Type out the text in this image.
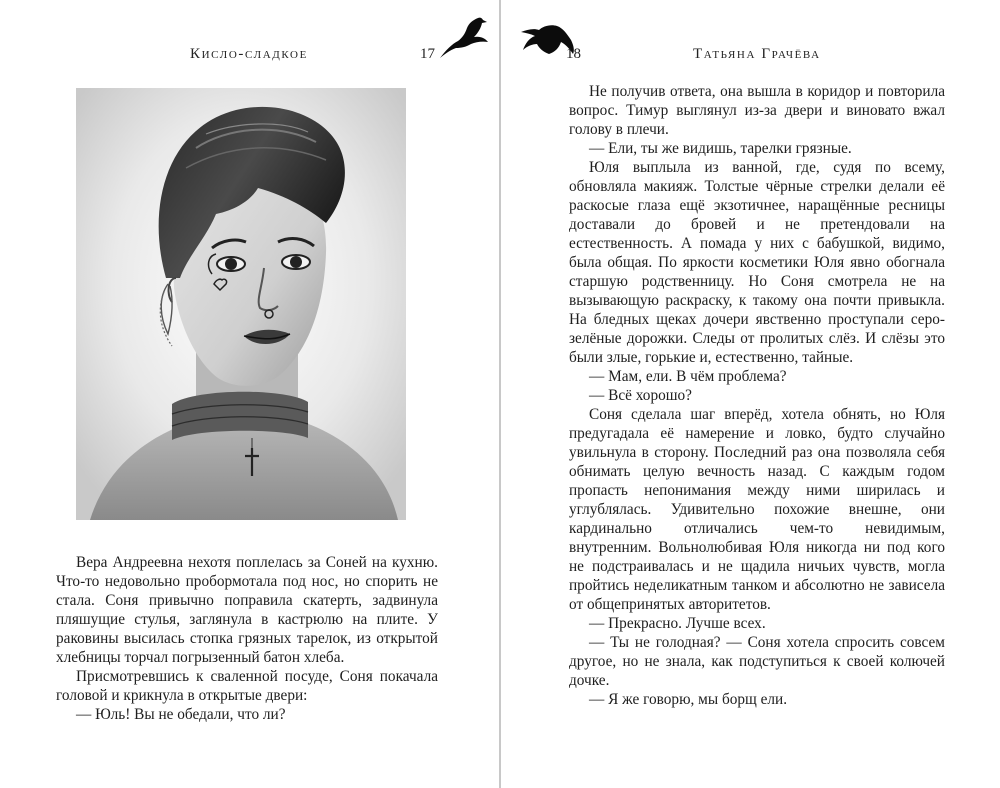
Кисло-сладкое	17

Вера Андреевна нехотя поплелась за Соней на кухню. Что-то недовольно пробормотала под нос, но спорить не стала. Соня привычно поправила скатерть, задвинула пляшущие стулья, заглянула в кастрюлю на плите. У раковины высилась стопка грязных тарелок, из открытой хлебницы торчал погрызенный батон хлеба.

Присмотревшись к сваленной посуде, Соня покачала головой и крикнула в открытые двери:

— Юль! Вы не обедали, что ли?

18	Татьяна Грачёва

Не получив ответа, она вышла в коридор и повторила вопрос. Тимур выглянул из-за двери и виновато вжал голову в плечи.

— Ели, ты же видишь, тарелки грязные.

Юля выплыла из ванной, где, судя по всему, обновляла макияж. Толстые чёрные стрелки делали её раскосые глаза ещё экзотичнее, наращённые ресницы доставали до бровей и не претендовали на естественность. А помада у них с бабушкой, видимо, была общая. По яркости косметики Юля явно обогнала старшую родственницу. Но Соня смотрела не на вызывающую раскраску, к такому она почти привыкла. На бледных щеках дочери явственно проступали серо-зелёные дорожки. Следы от пролитых слёз. И слёзы это были злые, горькие и, естественно, тайные.

— Мам, ели. В чём проблема?

— Всё хорошо?

Соня сделала шаг вперёд, хотела обнять, но Юля предугадала её намерение и ловко, будто случайно увильнула в сторону. Последний раз она позволяла себя обнимать целую вечность назад. С каждым годом пропасть непонимания между ними ширилась и углублялась. Удивительно похожие внешне, они кардинально отличались чем-то невидимым, внутренним. Вольнолюбивая Юля никогда ни под кого не подстраивалась и не щадила ничьих чувств, могла пройтись неделикатным танком и абсолютно не зависела от общепринятых авторитетов.

— Прекрасно. Лучше всех.

— Ты не голодная? — Соня хотела спросить совсем другое, но не знала, как подступиться к своей колючей дочке.

— Я же говорю, мы борщ ели.
